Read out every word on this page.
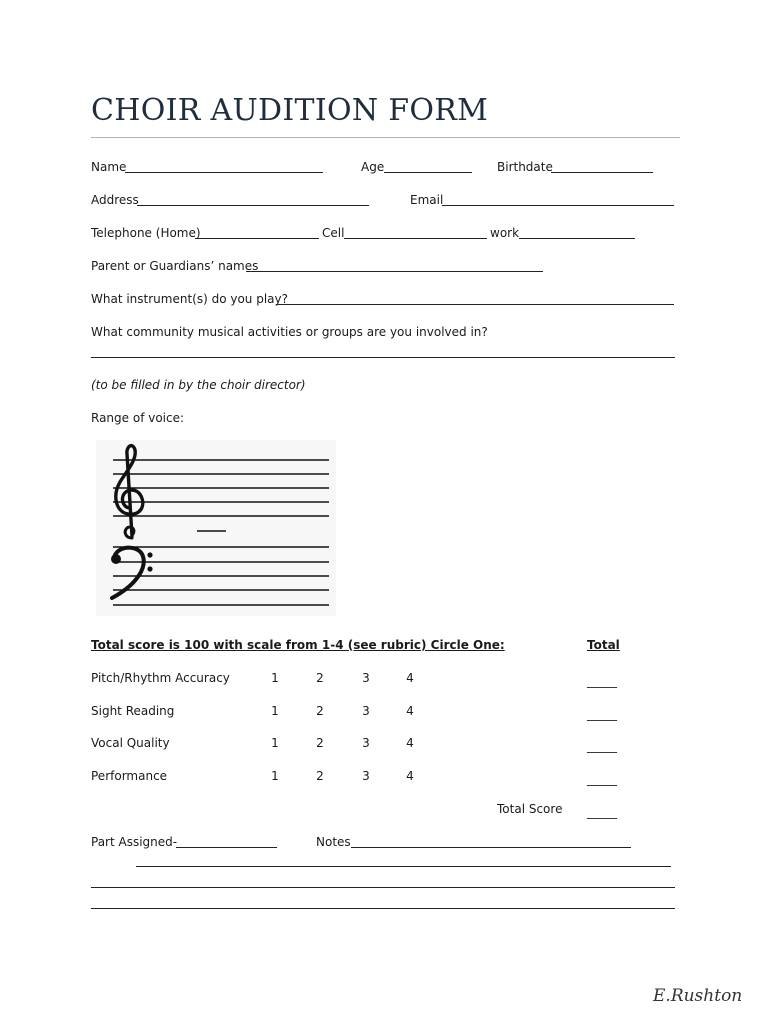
CHOIR AUDITION FORM
Name	Age	Birthdate
Address	Email
Telephone (Home)	Cell	work
Parent or Guardians’ names
What instrument(s) do you play?
What community musical activities or groups are you involved in?
(to be filled in by the choir director)
Range of voice:
Total score is 100 with scale from 1-4 (see rubric) Circle One:	Total
Pitch/Rhythm Accuracy	1	2	3	4	_____
Sight Reading	1	2	3	4	_____
Vocal Quality	1	2	3	4	_____
Performance	1	2	3	4	_____
Total Score _____
Part Assigned-	Notes
E.Rushton
